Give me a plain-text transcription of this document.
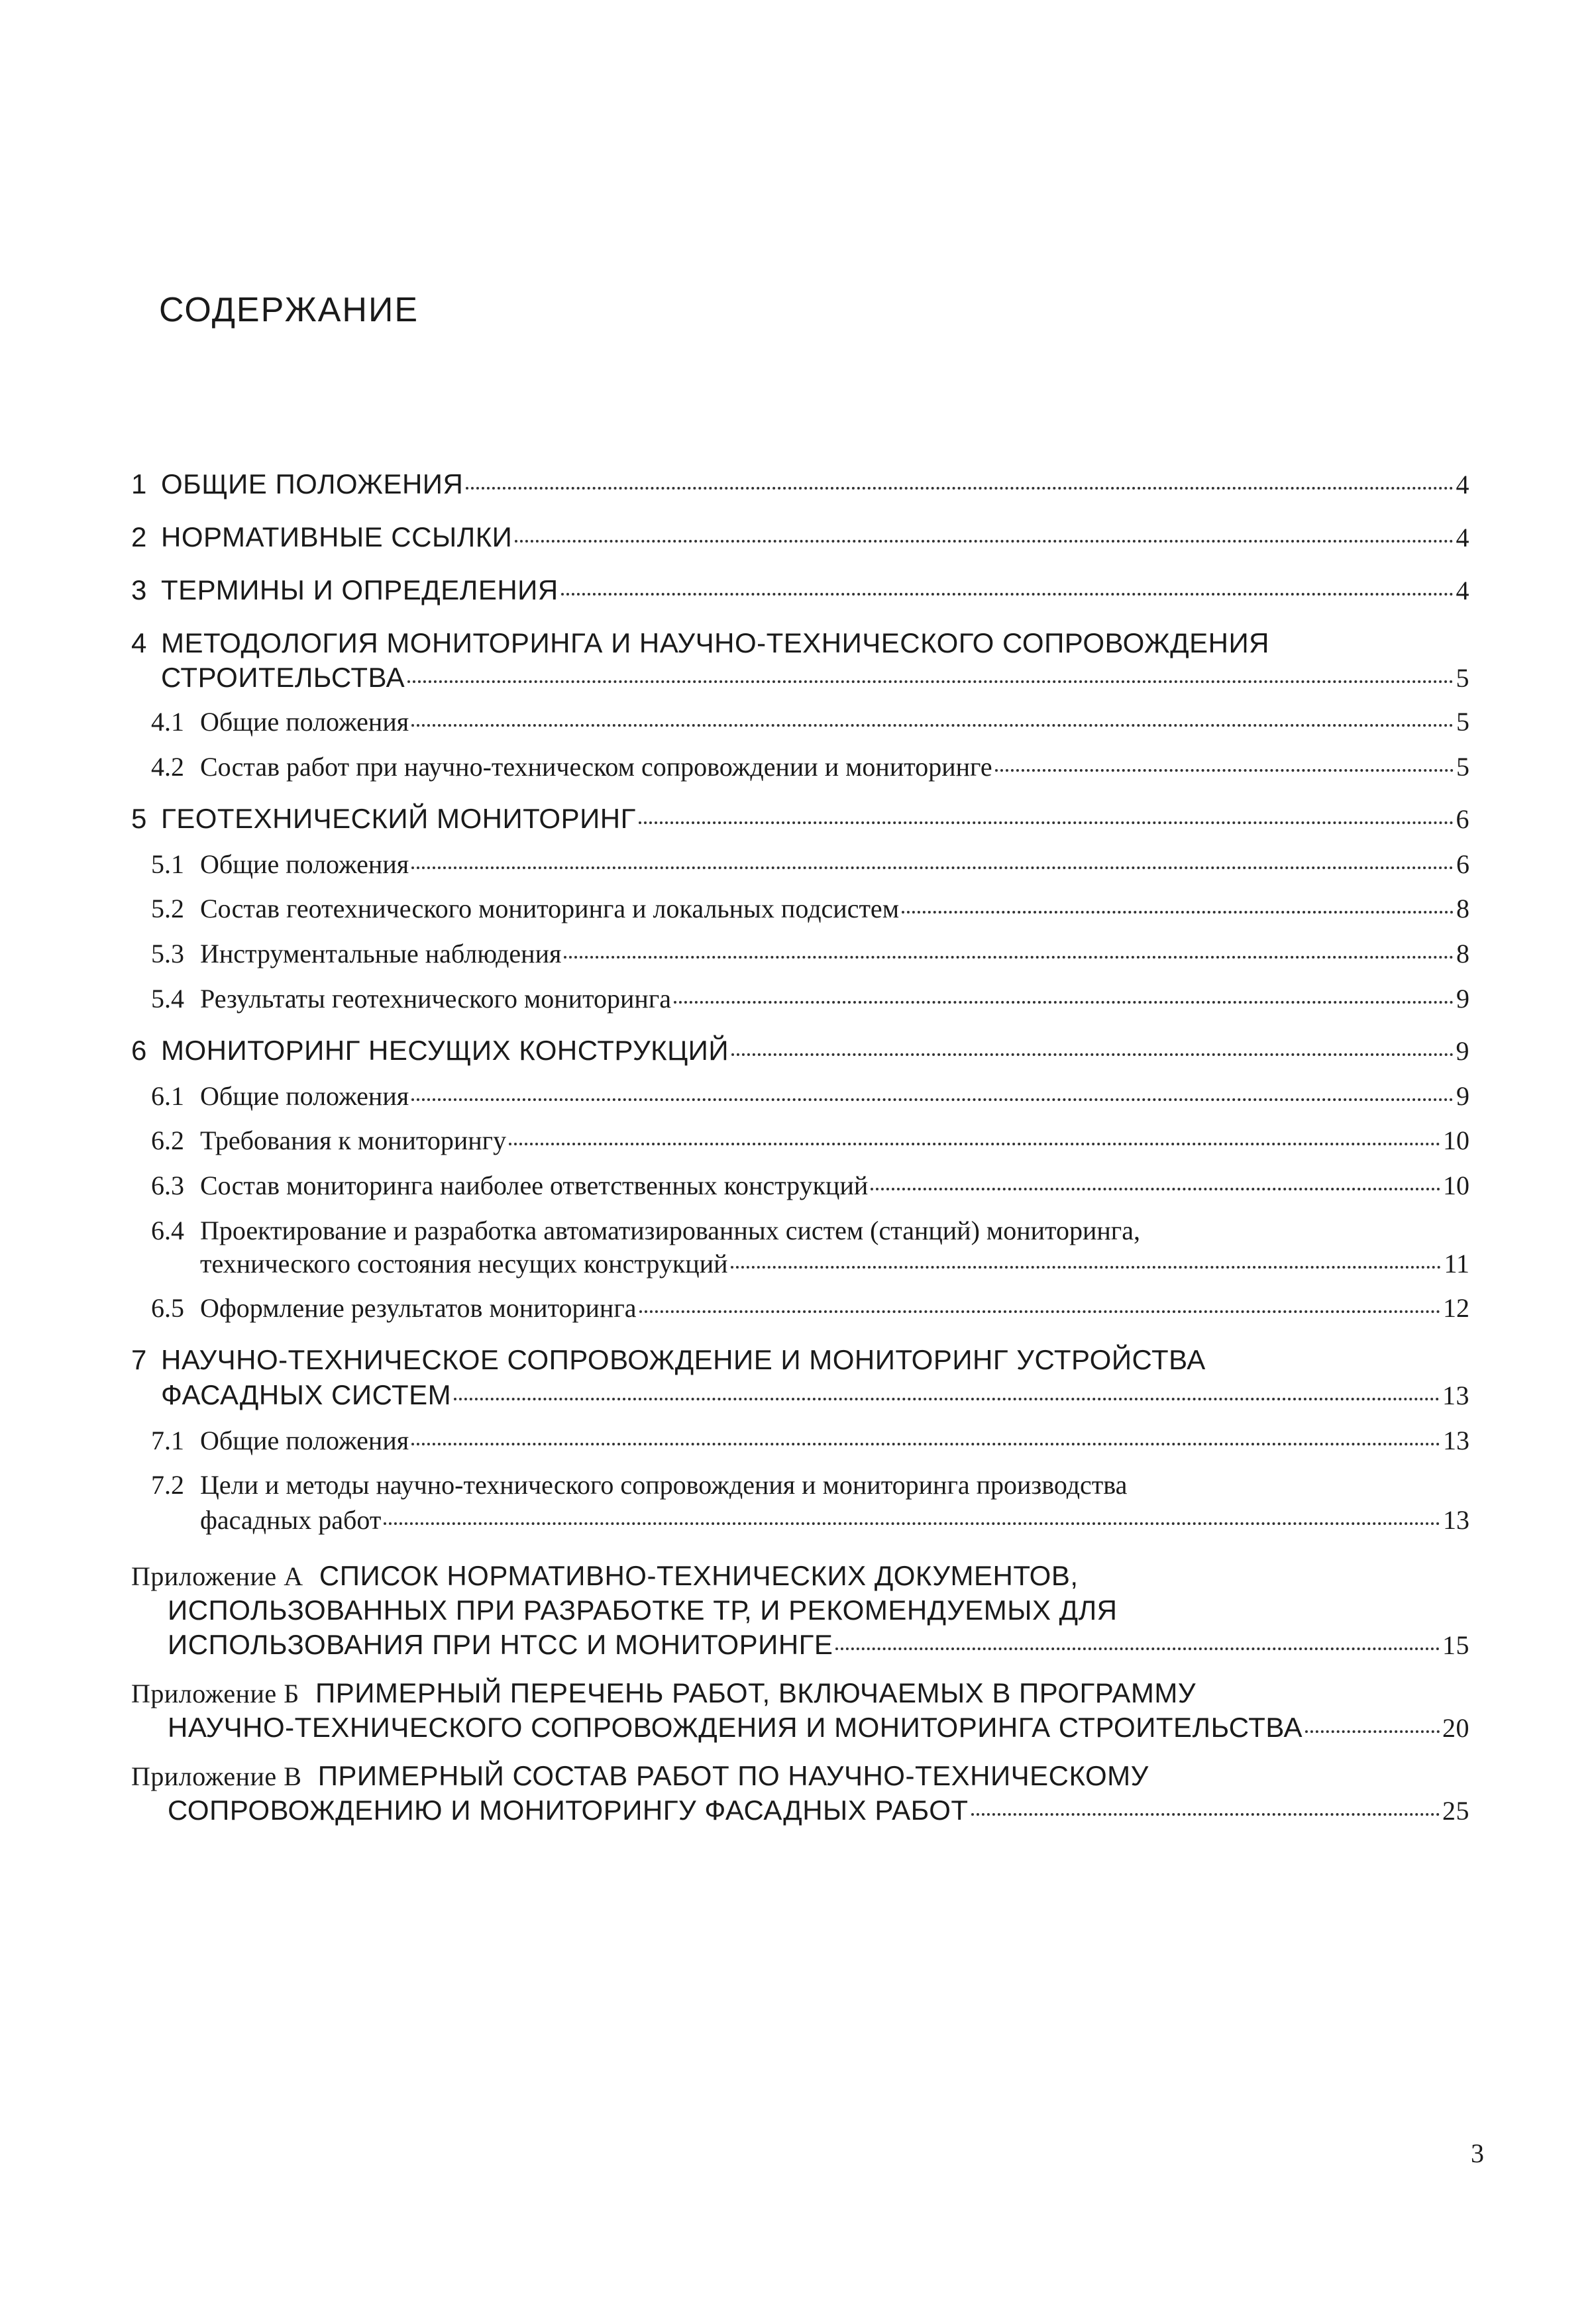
СОДЕРЖАНИЕ
1 ОБЩИЕ ПОЛОЖЕНИЯ	4
2 НОРМАТИВНЫЕ ССЫЛКИ	4
3 ТЕРМИНЫ И ОПРЕДЕЛЕНИЯ	4
4 МЕТОДОЛОГИЯ МОНИТОРИНГА И НАУЧНО-ТЕХНИЧЕСКОГО СОПРОВОЖДЕНИЯ
СТРОИТЕЛЬСТВА	5
4.1 Общие положения	5
4.2 Состав работ при научно-техническом сопровождении и мониторинге	5
5 ГЕОТЕХНИЧЕСКИЙ МОНИТОРИНГ	6
5.1 Общие положения	6
5.2 Состав геотехнического мониторинга и локальных подсистем	8
5.3 Инструментальные наблюдения	8
5.4 Результаты геотехнического мониторинга	9
6 МОНИТОРИНГ НЕСУЩИХ КОНСТРУКЦИЙ	9
6.1 Общие положения	9
6.2 Требования к мониторингу	10
6.3 Состав мониторинга наиболее ответственных конструкций	10
6.4 Проектирование и разработка автоматизированных систем (станций) мониторинга,
технического состояния несущих конструкций	11
6.5 Оформление результатов мониторинга	12
7 НАУЧНО-ТЕХНИЧЕСКОЕ СОПРОВОЖДЕНИЕ И МОНИТОРИНГ УСТРОЙСТВА
ФАСАДНЫХ СИСТЕМ	13
7.1 Общие положения	13
7.2 Цели и методы научно-технического сопровождения и мониторинга производства
фасадных работ	13
Приложение А СПИСОК НОРМАТИВНО-ТЕХНИЧЕСКИХ ДОКУМЕНТОВ,
ИСПОЛЬЗОВАННЫХ ПРИ РАЗРАБОТКЕ ТР, И РЕКОМЕНДУЕМЫХ ДЛЯ
ИСПОЛЬЗОВАНИЯ ПРИ НТСС И МОНИТОРИНГЕ	15
Приложение Б ПРИМЕРНЫЙ ПЕРЕЧЕНЬ РАБОТ, ВКЛЮЧАЕМЫХ В ПРОГРАММУ
НАУЧНО-ТЕХНИЧЕСКОГО СОПРОВОЖДЕНИЯ И МОНИТОРИНГА СТРОИТЕЛЬСТВА	20
Приложение В ПРИМЕРНЫЙ СОСТАВ РАБОТ ПО НАУЧНО-ТЕХНИЧЕСКОМУ
СОПРОВОЖДЕНИЮ И МОНИТОРИНГУ ФАСАДНЫХ РАБОТ	25
3
